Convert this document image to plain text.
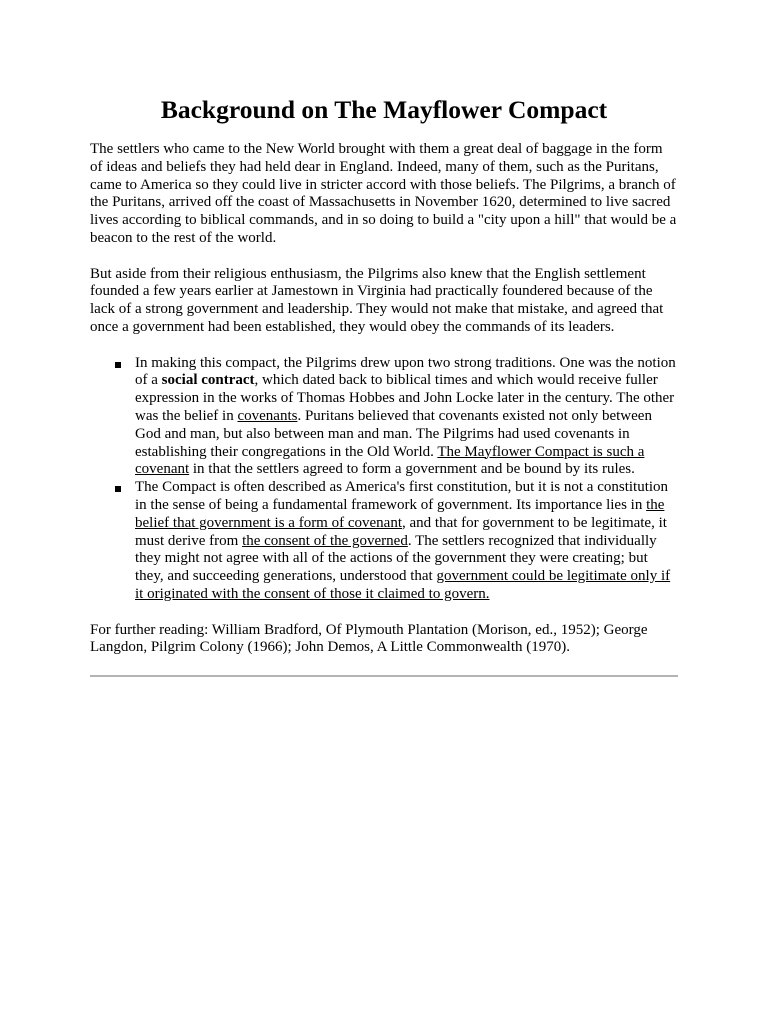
Background on The Mayflower Compact

The settlers who came to the New World brought with them a great deal of baggage in the form of ideas and beliefs they had held dear in England. Indeed, many of them, such as the Puritans, came to America so they could live in stricter accord with those beliefs. The Pilgrims, a branch of the Puritans, arrived off the coast of Massachusetts in November 1620, determined to live sacred lives according to biblical commands, and in so doing to build a "city upon a hill" that would be a beacon to the rest of the world.

But aside from their religious enthusiasm, the Pilgrims also knew that the English settlement founded a few years earlier at Jamestown in Virginia had practically foundered because of the lack of a strong government and leadership. They would not make that mistake, and agreed that once a government had been established, they would obey the commands of its leaders.

In making this compact, the Pilgrims drew upon two strong traditions. One was the notion of a social contract, which dated back to biblical times and which would receive fuller expression in the works of Thomas Hobbes and John Locke later in the century. The other was the belief in covenants. Puritans believed that covenants existed not only between God and man, but also between man and man. The Pilgrims had used covenants in establishing their congregations in the Old World. The Mayflower Compact is such a covenant in that the settlers agreed to form a government and be bound by its rules.
The Compact is often described as America's first constitution, but it is not a constitution in the sense of being a fundamental framework of government. Its importance lies in the belief that government is a form of covenant, and that for government to be legitimate, it must derive from the consent of the governed. The settlers recognized that individually they might not agree with all of the actions of the government they were creating; but they, and succeeding generations, understood that government could be legitimate only if it originated with the consent of those it claimed to govern.

For further reading: William Bradford, Of Plymouth Plantation (Morison, ed., 1952); George Langdon, Pilgrim Colony (1966); John Demos, A Little Commonwealth (1970).
